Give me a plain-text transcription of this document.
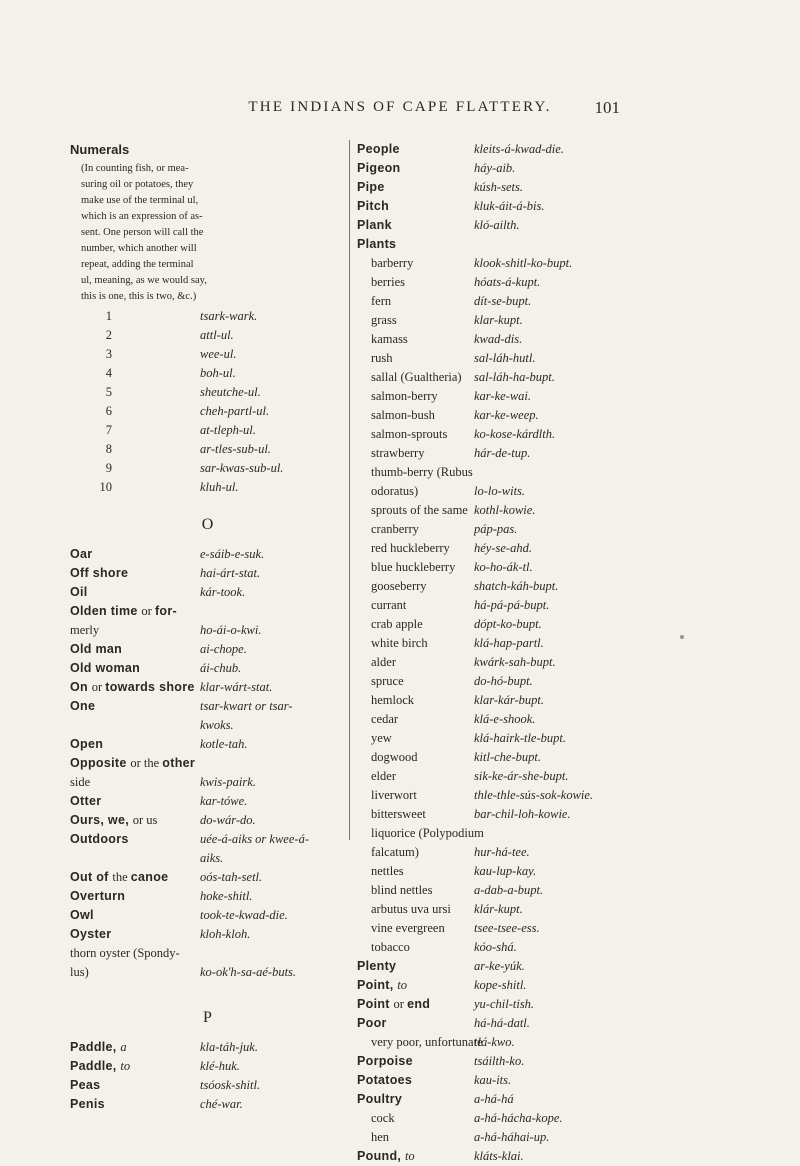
THE INDIANS OF CAPE FLATTERY.	101
Numerals
(In counting fish, or mea-
suring oil or potatoes, they
make use of the terminal ul,
which is an expression of as-
sent. One person will call the
number, which another will
repeat, adding the terminal
ul, meaning, as we would say,
this is one, this is two, &c.)
1	tsark-wark.
2	attl-ul.
3	wee-ul.
4	boh-ul.
5	sheutche-ul.
6	cheh-partl-ul.
7	at-tleph-ul.
8	ar-tles-sub-ul.
9	sar-kwas-sub-ul.
10	kluh-ul.
O
Oar	e-sáib-e-suk.
Off shore	hai-árt-stat.
Oil	kár-took.
Olden time or for-
merly	ho-ái-o-kwi.
Old man	ai-chope.
Old woman	ái-chub.
On or towards shore klar-wárt-stat.
One	tsar-kwart or tsar-
kwoks.
Open	kotle-tah.
Opposite or the other
side	kwis-pairk.
Otter	kar-tówe.
Ours, we, or us	do-wár-do.
Outdoors	uée-á-aiks or kwee-á-
aiks.
Out of the canoe	oós-tah-setl.
Overturn	hoke-shitl.
Owl	took-te-kwad-die.
Oyster	kloh-kloh.
thorn oyster (Spondy-
lus)	ko-ok'h-sa-aé-buts.
P
Paddle, a	kla-táh-juk.
Paddle, to	klé-huk.
Peas	tsóosk-shitl.
Penis	ché-war.
People	kleits-á-kwad-die.
Pigeon	háy-aib.
Pipe	kúsh-sets.
Pitch	kluk-áit-á-bis.
Plank	kló-ailth.
Plants
barberry	klook-shitl-ko-bupt.
berries	hóats-á-kupt.
fern	dít-se-bupt.
grass	klar-kupt.
kamass	kwad-dis.
rush	sal-láh-hutl.
sallal (Gualtheria) sal-láh-ha-bupt.
salmon-berry	kar-ke-wai.
salmon-bush	kar-ke-weep.
salmon-sprouts ko-kose-kárdlth.
strawberry	hár-de-tup.
thumb-berry (Rubus
odoratus)	lo-lo-wits.
sprouts of the same kothl-kowie.
cranberry	páp-pas.
red huckleberry héy-se-ahd.
blue huckleberry ko-ho-ák-tl.
gooseberry	shatch-káh-bupt.
currant	há-pá-pá-bupt.
crab apple	dópt-ko-bupt.
white birch	klá-hap-partl.
alder	kwárk-sah-bupt.
spruce	do-hó-bupt.
hemlock	klar-kár-bupt.
cedar	klá-e-shook.
yew	klá-hairk-tle-bupt.
dogwood	kitl-che-bupt.
elder	sik-ke-ár-she-bupt.
liverwort	thle-thle-sús-sok-kowie.
bittersweet	bar-chil-loh-kowie.
liquorice (Polypodium
falcatum)	hur-há-tee.
nettles	kau-lup-kay.
blind nettles	a-dab-a-bupt.
arbutus uva ursi klár-kupt.
vine evergreen tsee-tsee-ess.
tobacco	kóo-shá.
Plenty	ar-ke-yúk.
Point, to	kope-shitl.
Point or end	yu-chil-tish.
Poor	há-há-datl.
very poor, unfortunate
tlá-kwo.
Porpoise	tsáilth-ko.
Potatoes	kau-its.
Poultry	a-há-há
cock	a-há-hácha-kope.
hen	a-há-háhai-up.
Pound, to	kláts-klai.
